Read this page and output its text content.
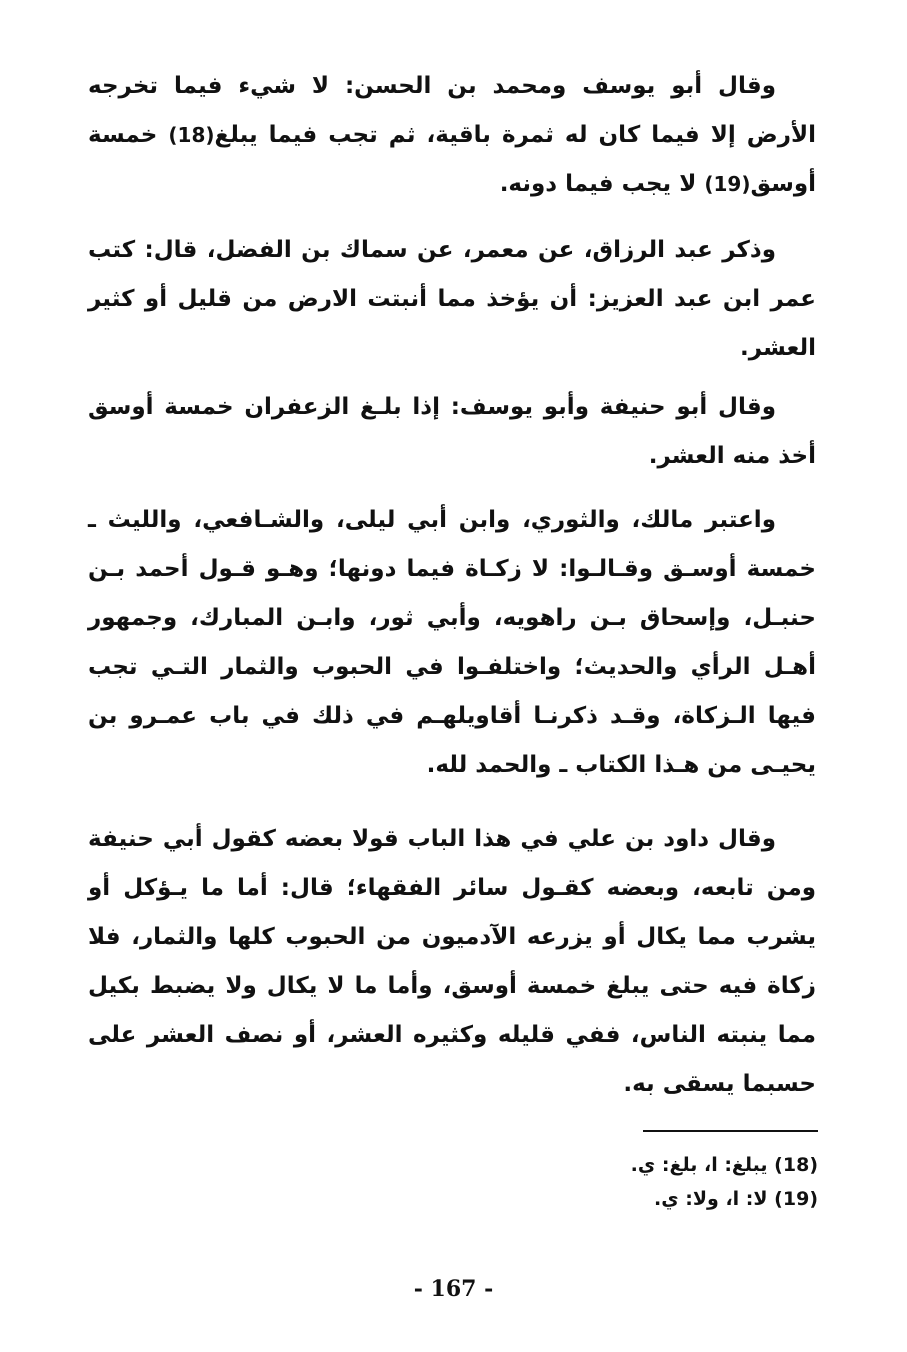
وقال أبو يوسف ومحمد بن الحسن: لا شيء فيما تخرجه الأرض إلا فيما كان له ثمرة باقية، ثم تجب فيما يبلغ(18) خمسة أوسق(19) لا يجب فيما دونه.

وذكر عبد الرزاق، عن معمر، عن سماك بن الفضل، قال: كتب عمر ابن عبد العزيز: أن يؤخذ مما أنبتت الارض من قليل أو كثير العشر.

وقال أبو حنيفة وأبو يوسف: إذا بلـغ الزعفران خمسة أوسق أخذ منه العشر.

واعتبر مالك، والثوري، وابن أبي ليلى، والشـافعي، والليث ـ خمسة أوسـق وقـالـوا: لا زكـاة فيما دونها؛ وهـو قـول أحمد بـن حنبـل، وإسحاق بـن راهويه، وأبي ثور، وابـن المبارك، وجمهور أهـل الرأي والحديث؛ واختلفـوا في الحبوب والثمار التـي تجب فيها الـزكاة، وقـد ذكرنـا أقاويلهـم في ذلك في باب عمـرو بن يحيـى من هـذا الكتاب ـ والحمد لله.

وقال داود بن علي في هذا الباب قولا بعضه كقول أبي حنيفة ومن تابعه، وبعضه كقـول سائر الفقهاء؛ قال: أما ما يـؤكل أو يشرب مما يكال أو يزرعه الآدميون من الحبوب كلها والثمار، فلا زكاة فيه حتى يبلغ خمسة أوسق، وأما ما لا يكال ولا يضبط بكيل مما ينبته الناس، ففي قليله وكثيره العشر، أو نصف العشر على حسبما يسقى به.

(18) يبلغ: ا، بلغ: ي.

(19) لا: ا، ولا: ي.

- 167 -
